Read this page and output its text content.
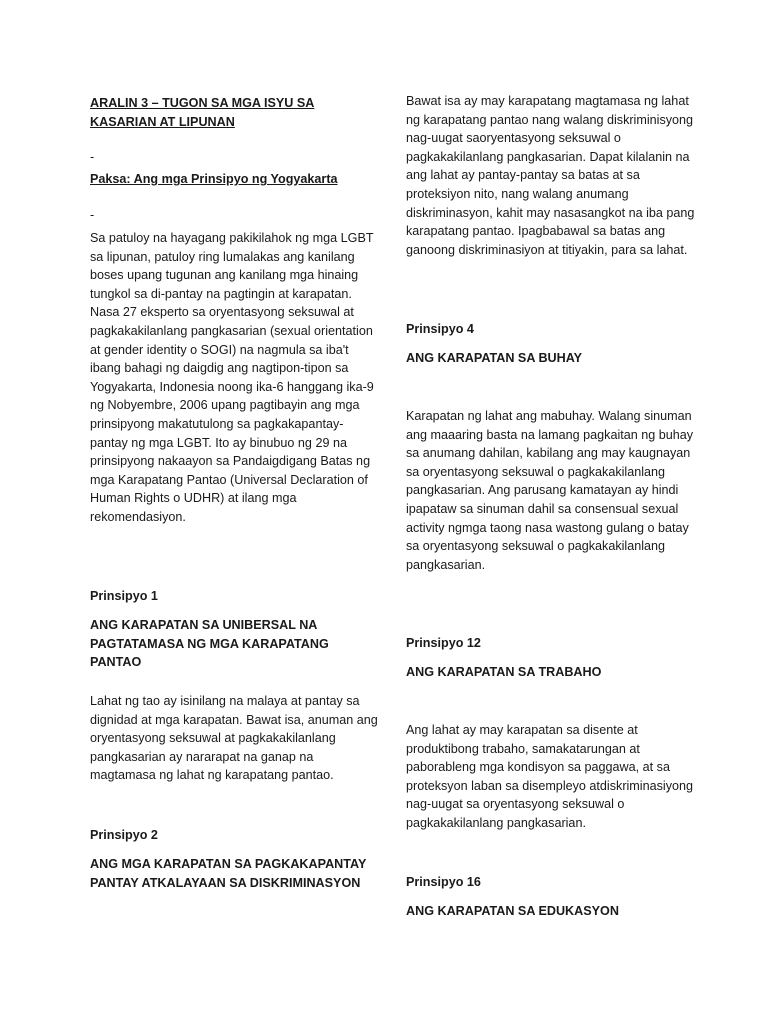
ARALIN 3 – TUGON SA MGA ISYU SA KASARIAN AT LIPUNAN

-

Paksa: Ang mga Prinsipyo ng Yogyakarta

-

Sa patuloy na hayagang pakikilahok ng mga LGBT sa lipunan, patuloy ring lumalakas ang kanilang boses upang tugunan ang kanilang mga hinaing tungkol sa di-pantay na pagtingin at karapatan. Nasa 27 eksperto sa oryentasyong seksuwal at pagkakakilanlang pangkasarian (sexual orientation at gender identity o SOGI) na nagmula sa iba't ibang bahagi ng daigdig ang nagtipon-tipon sa Yogyakarta, Indonesia noong ika-6 hanggang ika-9 ng Nobyembre, 2006 upang pagtibayin ang mga prinsipyong makatutulong sa pagkakapantay-pantay ng mga LGBT. Ito ay binubuo ng 29 na prinsipyong nakaayon sa Pandaigdigang Batas ng mga Karapatang Pantao (Universal Declaration of Human Rights o UDHR) at ilang mga rekomendasiyon.

Prinsipyo 1

ANG KARAPATAN SA UNIBERSAL NA PAGTATAMASA NG MGA KARAPATANG PANTAO

Lahat ng tao ay isinilang na malaya at pantay sa dignidad at mga karapatan. Bawat isa, anuman ang oryentasyong seksuwal at pagkakakilanlang pangkasarian ay nararapat na ganap na magtamasa ng lahat ng karapatang pantao.

Prinsipyo 2

ANG MGA KARAPATAN SA PAGKAKAPANTAY PANTAY ATKALAYAAN SA DISKRIMINASYON

Bawat isa ay may karapatang magtamasa ng lahat ng karapatang pantao nang walang diskriminisyong nag-uugat saoryentasyong seksuwal o pagkakakilanlang pangkasarian. Dapat kilalanin na ang lahat ay pantay-pantay sa batas at sa proteksiyon nito, nang walang anumang diskriminasyon, kahit may nasasangkot na iba pang karapatang pantao. Ipagbabawal sa batas ang ganoong diskriminasiyon at titiyakin, para sa lahat.

Prinsipyo 4

ANG KARAPATAN SA BUHAY

Karapatan ng lahat ang mabuhay. Walang sinuman ang maaaring basta na lamang pagkaitan ng buhay sa anumang dahilan, kabilang ang may kaugnayan sa oryentasyong seksuwal o pagkakakilanlang pangkasarian. Ang parusang kamatayan ay hindi ipapataw sa sinuman dahil sa consensual sexual activity ngmga taong nasa wastong gulang o batay sa oryentasyong seksuwal o pagkakakilanlang pangkasarian.

Prinsipyo 12

ANG KARAPATAN SA TRABAHO

Ang lahat ay may karapatan sa disente at produktibong trabaho, samakatarungan at paborableng mga kondisyon sa paggawa, at sa proteksyon laban sa disempleyo atdiskriminasiyong nag-uugat sa oryentasyong seksuwal o pagkakakilanlang pangkasarian.

Prinsipyo 16

ANG KARAPATAN SA EDUKASYON
